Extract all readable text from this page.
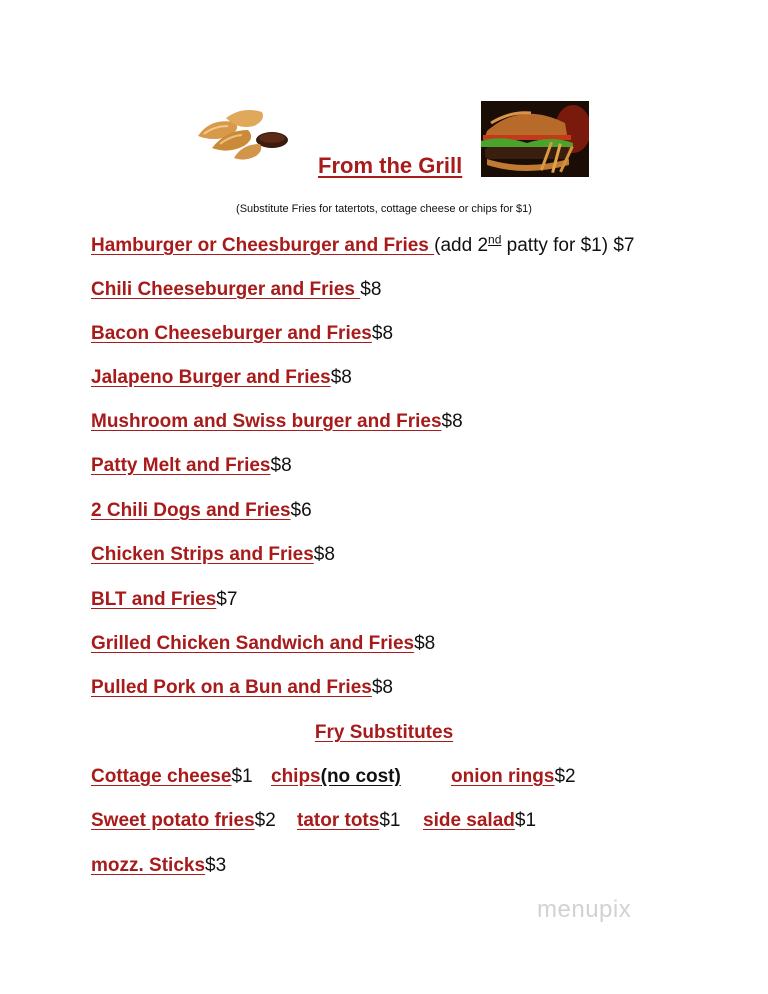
From the Grill
(Substitute Fries for tatertots, cottage cheese or chips for $1)
Hamburger or Cheesburger and Fries (add 2nd patty for $1) $7
Chili Cheeseburger and Fries $8
Bacon Cheeseburger and Fries$8
Jalapeno Burger and Fries$8
Mushroom and Swiss burger and Fries$8
Patty Melt and Fries$8
2 Chili Dogs and Fries$6
Chicken Strips and Fries$8
BLT and Fries$7
Grilled Chicken Sandwich and Fries$8
Pulled Pork on a Bun and Fries$8
Fry Substitutes
Cottage cheese$1 chips(no cost)	onion rings$2
Sweet potato fries$2 tator tots$1 side salad$1
mozz. Sticks$3
menupix
